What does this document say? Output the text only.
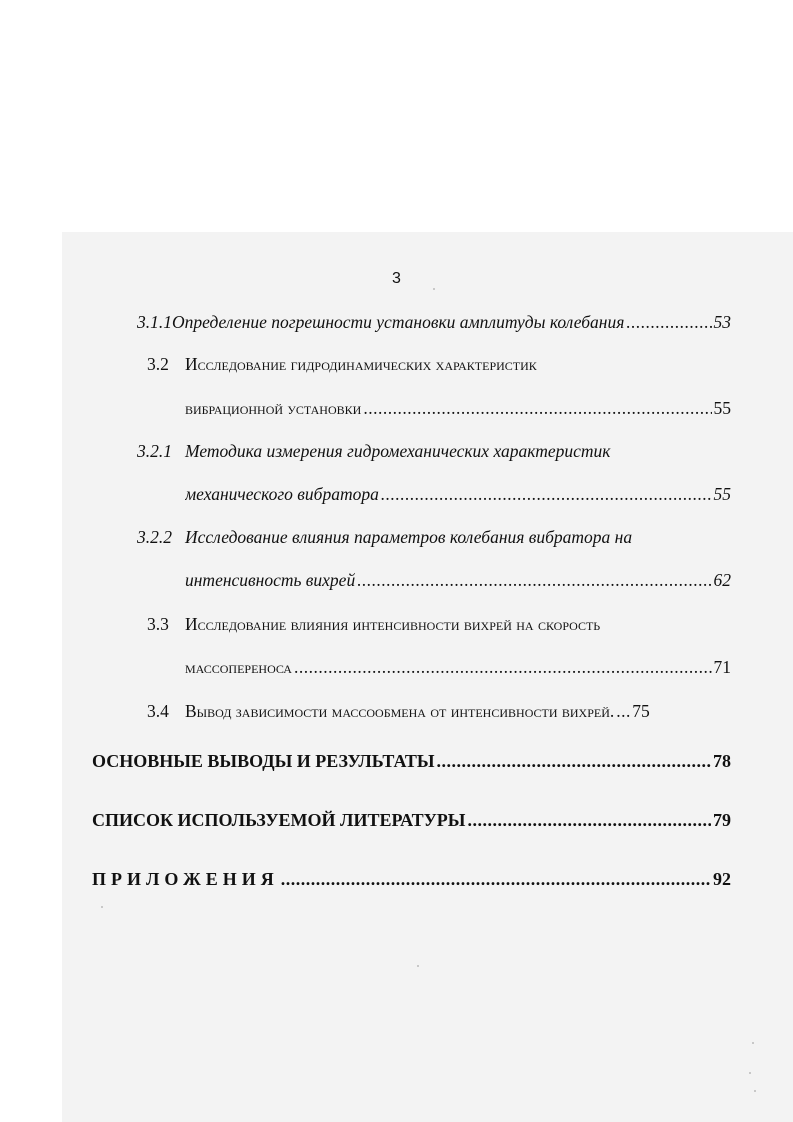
3
3.1.1 Определение погрешности установки амплитуды колебания .....	53
3.2 Исследование гидродинамических характеристик
вибрационной установки .....	55
3.2.1 Методика измерения гидромеханических характеристик
механического вибратора .....	55
3.2.2 Исследование влияния параметров колебания вибратора на
интенсивность вихрей .....	62
3.3 Исследование влияния интенсивности вихрей на скорость
массопереноса .....	71
3.4 Вывод зависимости массообмена от интенсивности вихрей. ..... 75
ОСНОВНЫЕ ВЫВОДЫ И РЕЗУЛЬТАТЫ .....	78
СПИСОК ИСПОЛЬЗУЕМОЙ ЛИТЕРАТУРЫ .....	79
ПРИЛОЖЕНИЯ .....	92
